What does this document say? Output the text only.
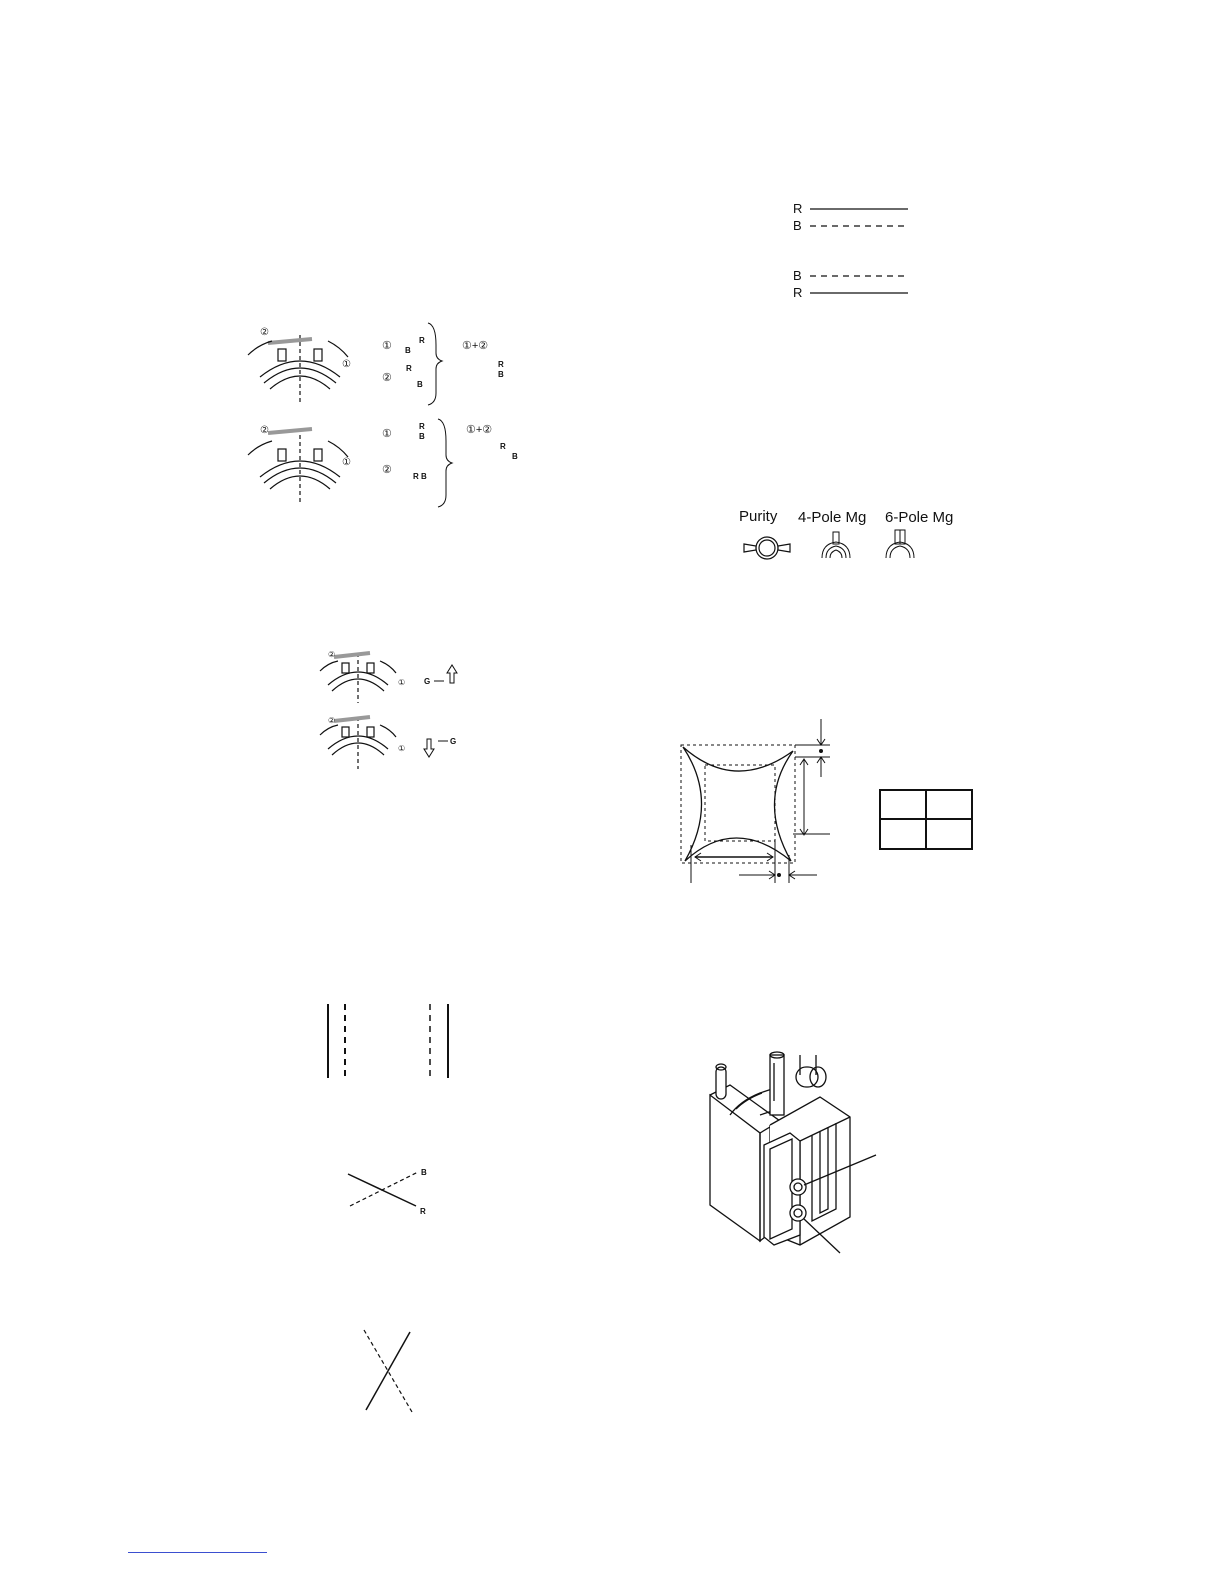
②
①
②
①
①	R
B
②
R
B
①+②
R
B
①
R
B
②
R B
①+②
R
B
R
B
B
R
Purity 4-Pole Mg 6-Pole Mg
②
① G
②
①
G
B
R
